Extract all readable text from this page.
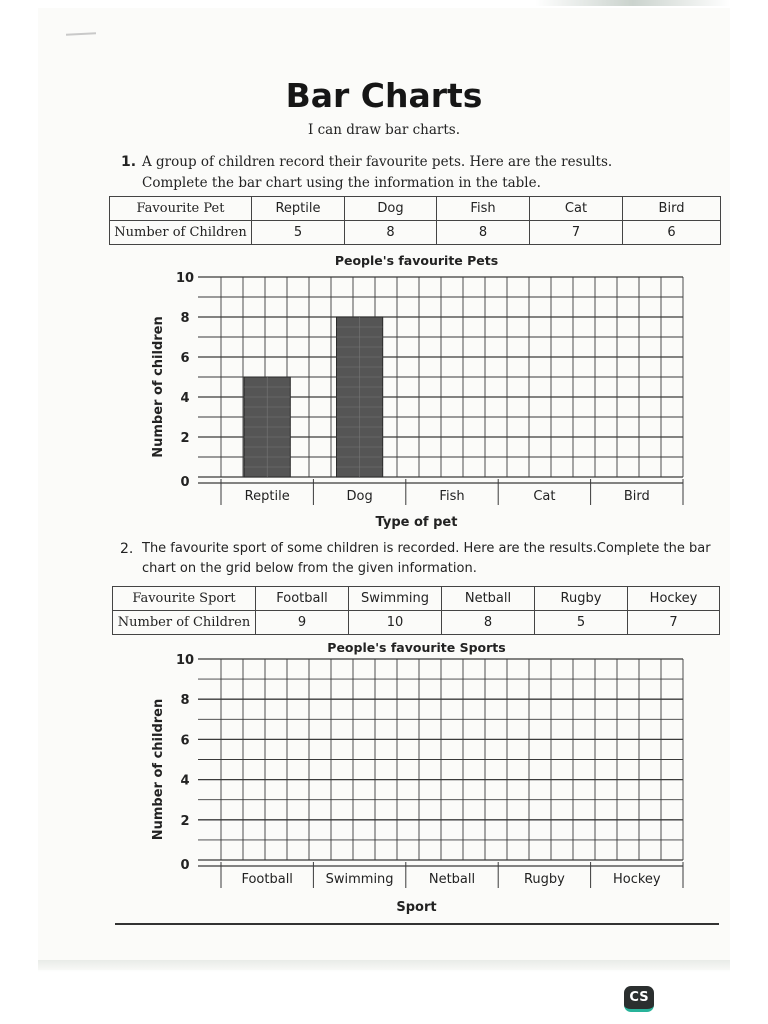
Bar Charts
I can draw bar charts.
1. A group of children record their favourite pets. Here are the results.
Complete the bar chart using the information in the table.
Favourite Pet	Reptile	Dog	Fish	Cat	Bird
Number of Children	5	8	8	7	6
2. The favourite sport of some children is recorded. Here are the results.Complete the bar
chart on the grid below from the given information.
Favourite Sport	Football	Swimming	Netball	Rugby	Hockey
Number of Children	9	10	8	5	7
0
2
4
6
8
10
Reptile	Dog	Fish	Cat	Bird
People's favourite Pets
Type of pet
Number of children
0
2
4
6
8
10
Football	Swimming	Netball	Rugby	Hockey
People's favourite Sports
Sport
Number of children
CS
